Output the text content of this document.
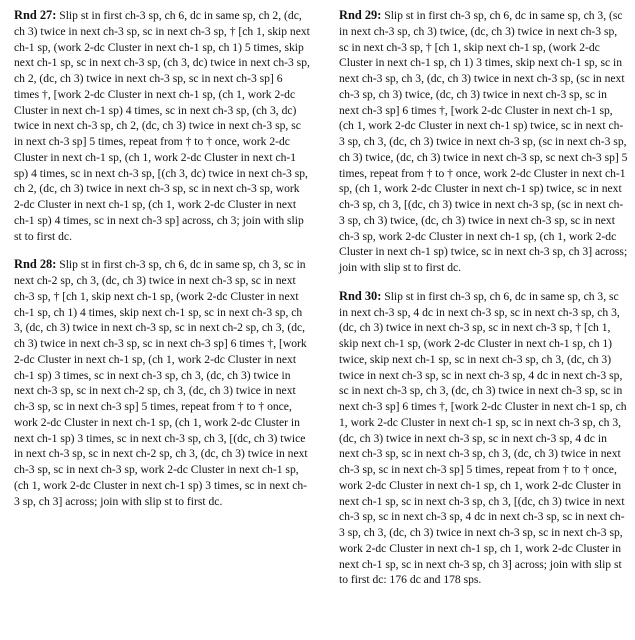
Rnd 27: Slip st in first ch-3 sp, ch 6, dc in same sp, ch 2, (dc, ch 3) twice in next ch-3 sp, sc in next ch-3 sp, † [ch 1, skip next ch-1 sp, (work 2-dc Cluster in next ch-1 sp, ch 1) 5 times, skip next ch-1 sp, sc in next ch-3 sp, (ch 3, dc) twice in next ch-3 sp, ch 2, (dc, ch 3) twice in next ch-3 sp, sc in next ch-3 sp] 6 times †, [work 2-dc Cluster in next ch-1 sp, (ch 1, work 2-dc Cluster in next ch-1 sp) 4 times, sc in next ch-3 sp, (ch 3, dc) twice in next ch-3 sp, ch 2, (dc, ch 3) twice in next ch-3 sp, sc in next ch-3 sp] 5 times, repeat from † to † once, work 2-dc Cluster in next ch-1 sp, (ch 1, work 2-dc Cluster in next ch-1 sp) 4 times, sc in next ch-3 sp, [(ch 3, dc) twice in next ch-3 sp, ch 2, (dc, ch 3) twice in next ch-3 sp, sc in next ch-3 sp, work 2-dc Cluster in next ch-1 sp, (ch 1, work 2-dc Cluster in next ch-1 sp) 4 times, sc in next ch-3 sp] across, ch 3; join with slip st to first dc.

Rnd 28: Slip st in first ch-3 sp, ch 6, dc in same sp, ch 3, sc in next ch-2 sp, ch 3, (dc, ch 3) twice in next ch-3 sp, sc in next ch-3 sp, † [ch 1, skip next ch-1 sp, (work 2-dc Cluster in next ch-1 sp, ch 1) 4 times, skip next ch-1 sp, sc in next ch-3 sp, ch 3, (dc, ch 3) twice in next ch-3 sp, sc in next ch-2 sp, ch 3, (dc, ch 3) twice in next ch-3 sp, sc in next ch-3 sp] 6 times †, [work 2-dc Cluster in next ch-1 sp, (ch 1, work 2-dc Cluster in next ch-1 sp) 3 times, sc in next ch-3 sp, ch 3, (dc, ch 3) twice in next ch-3 sp, sc in next ch-2 sp, ch 3, (dc, ch 3) twice in next ch-3 sp, sc in next ch-3 sp] 5 times, repeat from † to † once, work 2-dc Cluster in next ch-1 sp, (ch 1, work 2-dc Cluster in next ch-1 sp) 3 times, sc in next ch-3 sp, ch 3, [(dc, ch 3) twice in next ch-3 sp, sc in next ch-2 sp, ch 3, (dc, ch 3) twice in next ch-3 sp, sc in next ch-3 sp, work 2-dc Cluster in next ch-1 sp, (ch 1, work 2-dc Cluster in next ch-1 sp) 3 times, sc in next ch-3 sp, ch 3] across; join with slip st to first dc.

Rnd 29: Slip st in first ch-3 sp, ch 6, dc in same sp, ch 3, (sc in next ch-3 sp, ch 3) twice, (dc, ch 3) twice in next ch-3 sp, sc in next ch-3 sp, † [ch 1, skip next ch-1 sp, (work 2-dc Cluster in next ch-1 sp, ch 1) 3 times, skip next ch-1 sp, sc in next ch-3 sp, ch 3, (dc, ch 3) twice in next ch-3 sp, (sc in next ch-3 sp, ch 3) twice, (dc, ch 3) twice in next ch-3 sp, sc in next ch-3 sp] 6 times †, [work 2-dc Cluster in next ch-1 sp, (ch 1, work 2-dc Cluster in next ch-1 sp) twice, sc in next ch-3 sp, ch 3, (dc, ch 3) twice in next ch-3 sp, (sc in next ch-3 sp, ch 3) twice, (dc, ch 3) twice in next ch-3 sp, sc next ch-3 sp] 5 times, repeat from † to † once, work 2-dc Cluster in next ch-1 sp, (ch 1, work 2-dc Cluster in next ch-1 sp) twice, sc in next ch-3 sp, ch 3, [(dc, ch 3) twice in next ch-3 sp, (sc in next ch-3 sp, ch 3) twice, (dc, ch 3) twice in next ch-3 sp, sc in next ch-3 sp, work 2-dc Cluster in next ch-1 sp, (ch 1, work 2-dc Cluster in next ch-1 sp) twice, sc in next ch-3 sp, ch 3] across; join with slip st to first dc.

Rnd 30: Slip st in first ch-3 sp, ch 6, dc in same sp, ch 3, sc in next ch-3 sp, 4 dc in next ch-3 sp, sc in next ch-3 sp, ch 3, (dc, ch 3) twice in next ch-3 sp, sc in next ch-3 sp, † [ch 1, skip next ch-1 sp, (work 2-dc Cluster in next ch-1 sp, ch 1) twice, skip next ch-1 sp, sc in next ch-3 sp, ch 3, (dc, ch 3) twice in next ch-3 sp, sc in next ch-3 sp, 4 dc in next ch-3 sp, sc in next ch-3 sp, ch 3, (dc, ch 3) twice in next ch-3 sp, sc in next ch-3 sp] 6 times †, [work 2-dc Cluster in next ch-1 sp, ch 1, work 2-dc Cluster in next ch-1 sp, sc in next ch-3 sp, ch 3, (dc, ch 3) twice in next ch-3 sp, sc in next ch-3 sp, 4 dc in next ch-3 sp, sc in next ch-3 sp, ch 3, (dc, ch 3) twice in next ch-3 sp, sc in next ch-3 sp] 5 times, repeat from † to † once, work 2-dc Cluster in next ch-1 sp, ch 1, work 2-dc Cluster in next ch-1 sp, sc in next ch-3 sp, ch 3, [(dc, ch 3) twice in next ch-3 sp, sc in next ch-3 sp, 4 dc in next ch-3 sp, sc in next ch-3 sp, ch 3, (dc, ch 3) twice in next ch-3 sp, sc in next ch-3 sp, work 2-dc Cluster in next ch-1 sp, ch 1, work 2-dc Cluster in next ch-1 sp, sc in next ch-3 sp, ch 3] across; join with slip st to first dc: 176 dc and 178 sps.
